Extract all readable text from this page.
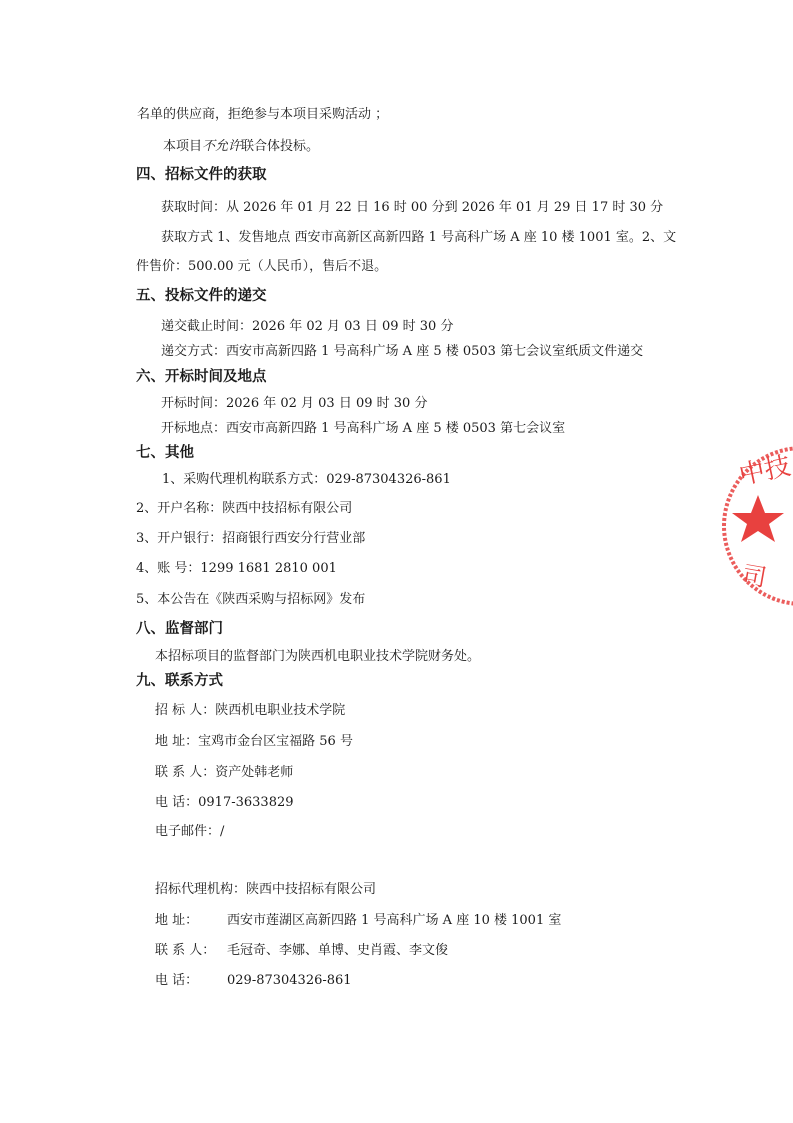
名单的供应商，拒绝参与本项目采购活动 ；
本项目不允许联合体投标。
四、招标文件的获取
获取时间：从 2026 年 01 月 22 日 16 时 00 分到 2026 年 01 月 29 日 17 时 30 分
获取方式 1、发售地点 西安市高新区高新四路 1 号高科广场 A 座 10 楼 1001 室。2、文
件售价：500.00 元（人民币），售后不退。
五、投标文件的递交
递交截止时间：2026 年 02 月 03 日 09 时 30 分
递交方式：西安市高新四路 1 号高科广场 A 座 5 楼 0503 第七会议室纸质文件递交
六、开标时间及地点
开标时间：2026 年 02 月 03 日 09 时 30 分
开标地点：西安市高新四路 1 号高科广场 A 座 5 楼 0503 第七会议室
七、其他
1、采购代理机构联系方式：029-87304326-861
2、开户名称：陕西中技招标有限公司
3、开户银行：招商银行西安分行营业部
4、账 号：1299 1681 2810 001
5、本公告在《陕西采购与招标网》发布
八、监督部门
本招标项目的监督部门为陕西机电职业技术学院财务处。
九、联系方式
招 标 人：陕西机电职业技术学院
地 址：宝鸡市金台区宝福路 56 号
联 系 人：资产处韩老师
电 话：0917-3633829
电子邮件：/
招标代理机构：陕西中技招标有限公司
地 址： 西安市莲湖区高新四路 1 号高科广场 A 座 10 楼 1001 室
联 系 人： 毛冠奇、李娜、单博、史肖霞、李文俊
电 话： 029-87304326-861
中技
司
